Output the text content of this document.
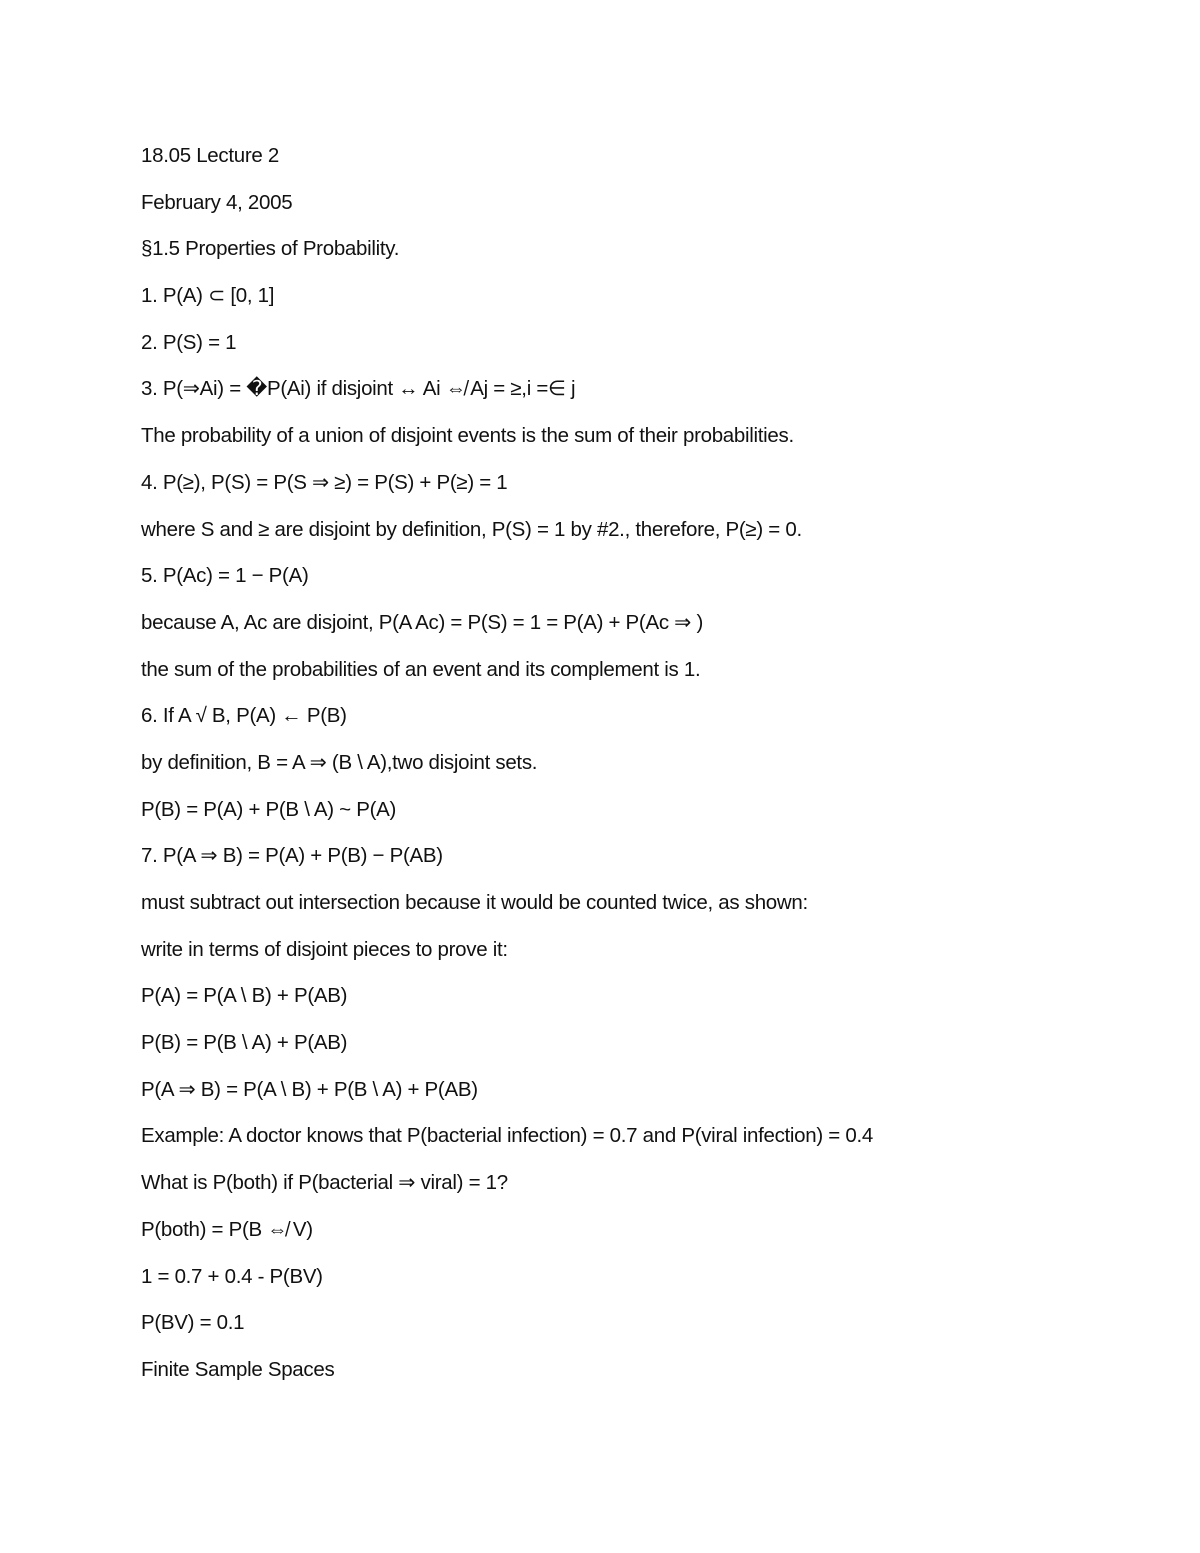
18.05 Lecture 2
February 4, 2005
§1.5 Properties of Probability.
1. P(A) ⊂ [0, 1]
2. P(S) = 1
3. P(⇒Ai) = �P(Ai) if disjoint ↔ Ai ⇎ Aj = ≥,i =∈ j
The probability of a union of disjoint events is the sum of their probabilities.
4. P(≥), P(S) = P(S ⇒ ≥) = P(S) + P(≥) = 1
where S and ≥ are disjoint by definition, P(S) = 1 by #2., therefore, P(≥) = 0.
5. P(Ac) = 1 − P(A)
because A, Ac are disjoint, P(A Ac) = P(S) = 1 = P(A) + P(Ac ⇒ )
the sum of the probabilities of an event and its complement is 1.
6. If A √ B, P(A) ← P(B)
by definition, B = A ⇒ (B \ A),two disjoint sets.
P(B) = P(A) + P(B \ A) ~ P(A)
7. P(A ⇒ B) = P(A) + P(B) − P(AB)
must subtract out intersection because it would be counted twice, as shown:
write in terms of disjoint pieces to prove it:
P(A) = P(A \ B) + P(AB)
P(B) = P(B \ A) + P(AB)
P(A ⇒ B) = P(A \ B) + P(B \ A) + P(AB)
Example: A doctor knows that P(bacterial infection) = 0.7 and P(viral infection) = 0.4
What is P(both) if P(bacterial ⇒ viral) = 1?
P(both) = P(B ⇎ V)
1 = 0.7 + 0.4 - P(BV)
P(BV) = 0.1
Finite Sample Spaces
